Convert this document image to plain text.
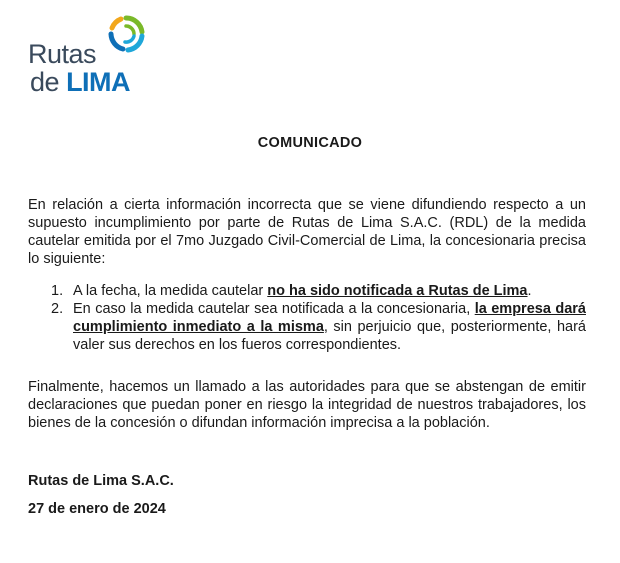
Rutas
de LIMA
COMUNICADO
En relación a cierta información incorrecta que se viene difundiendo respecto a un supuesto incumplimiento por parte de Rutas de Lima S.A.C. (RDL) de la medida cautelar emitida por el 7mo Juzgado Civil-Comercial de Lima, la concesionaria precisa lo siguiente:
1. A la fecha, la medida cautelar no ha sido notificada a Rutas de Lima.
2. En caso la medida cautelar sea notificada a la concesionaria, la empresa dará cumplimiento inmediato a la misma, sin perjuicio que, posteriormente, hará valer sus derechos en los fueros correspondientes.
Finalmente, hacemos un llamado a las autoridades para que se abstengan de emitir declaraciones que puedan poner en riesgo la integridad de nuestros trabajadores, los bienes de la concesión o difundan información imprecisa a la población.
Rutas de Lima S.A.C.
27 de enero de 2024
